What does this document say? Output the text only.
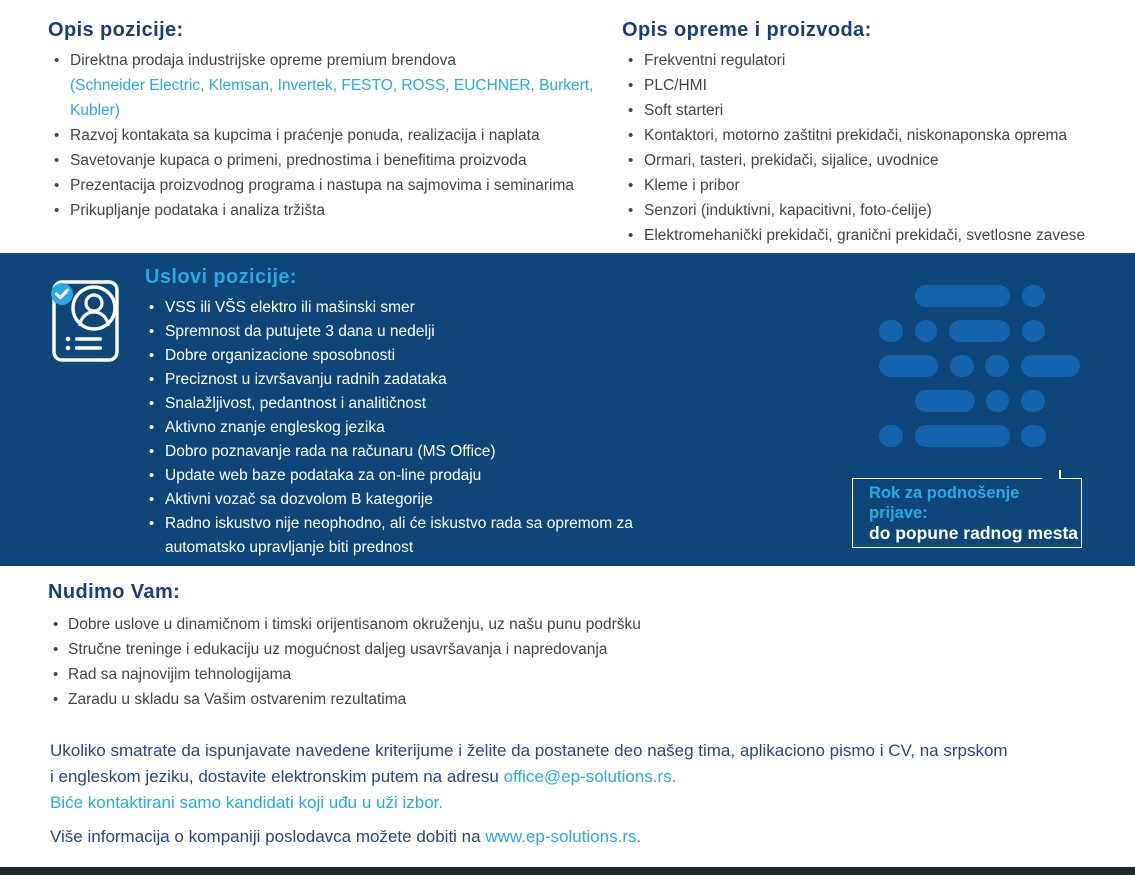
Opis pozicije:
• Direktna prodaja industrijske opreme premium brendova
(Schneider Electric, Klemsan, Invertek, FESTO, ROSS, EUCHNER, Burkert, Kubler)
• Razvoj kontakata sa kupcima i praćenje ponuda, realizacija i naplata
• Savetovanje kupaca o primeni, prednostima i benefitima proizvoda
• Prezentacija proizvodnog programa i nastupa na sajmovima i seminarima
• Prikupljanje podataka i analiza tržišta
Opis opreme i proizvoda:
• Frekventni regulatori
• PLC/HMI
• Soft starteri
• Kontaktori, motorno zaštitni prekidači, niskonaponska oprema
• Ormari, tasteri, prekidači, sijalice, uvodnice
• Kleme i pribor
• Senzori (induktivni, kapacitivni, foto-ćelije)
• Elektromehanički prekidači, granični prekidači, svetlosne zavese
Uslovi pozicije:
• VSS ili VŠS elektro ili mašinski smer
• Spremnost da putujete 3 dana u nedelji
• Dobre organizacione sposobnosti
• Preciznost u izvršavanju radnih zadataka
• Snalažljivost, pedantnost i analitičnost
• Aktivno znanje engleskog jezika
• Dobro poznavanje rada na računaru (MS Office)
• Update web baze podataka za on-line prodaju
• Aktivni vozač sa dozvolom B kategorije
• Radno iskustvo nije neophodno, ali će iskustvo rada sa opremom za automatsko upravljanje biti prednost
Rok za podnošenje prijave:
do popune radnog mesta
Nudimo Vam:
• Dobre uslove u dinamičnom i timski orijentisanom okruženju, uz našu punu podršku
• Stručne treninge i edukaciju uz mogućnost daljeg usavršavanja i napredovanja
• Rad sa najnovijim tehnologijama
• Zaradu u skladu sa Vašim ostvarenim rezultatima
Ukoliko smatrate da ispunjavate navedene kriterijume i želite da postanete deo našeg tima, aplikaciono pismo i CV, na srpskom
i engleskom jeziku, dostavite elektronskim putem na adresu office@ep-solutions.rs.
Biće kontaktirani samo kandidati koji uđu u uži izbor.
Više informacija o kompaniji poslodavca možete dobiti na www.ep-solutions.rs.
